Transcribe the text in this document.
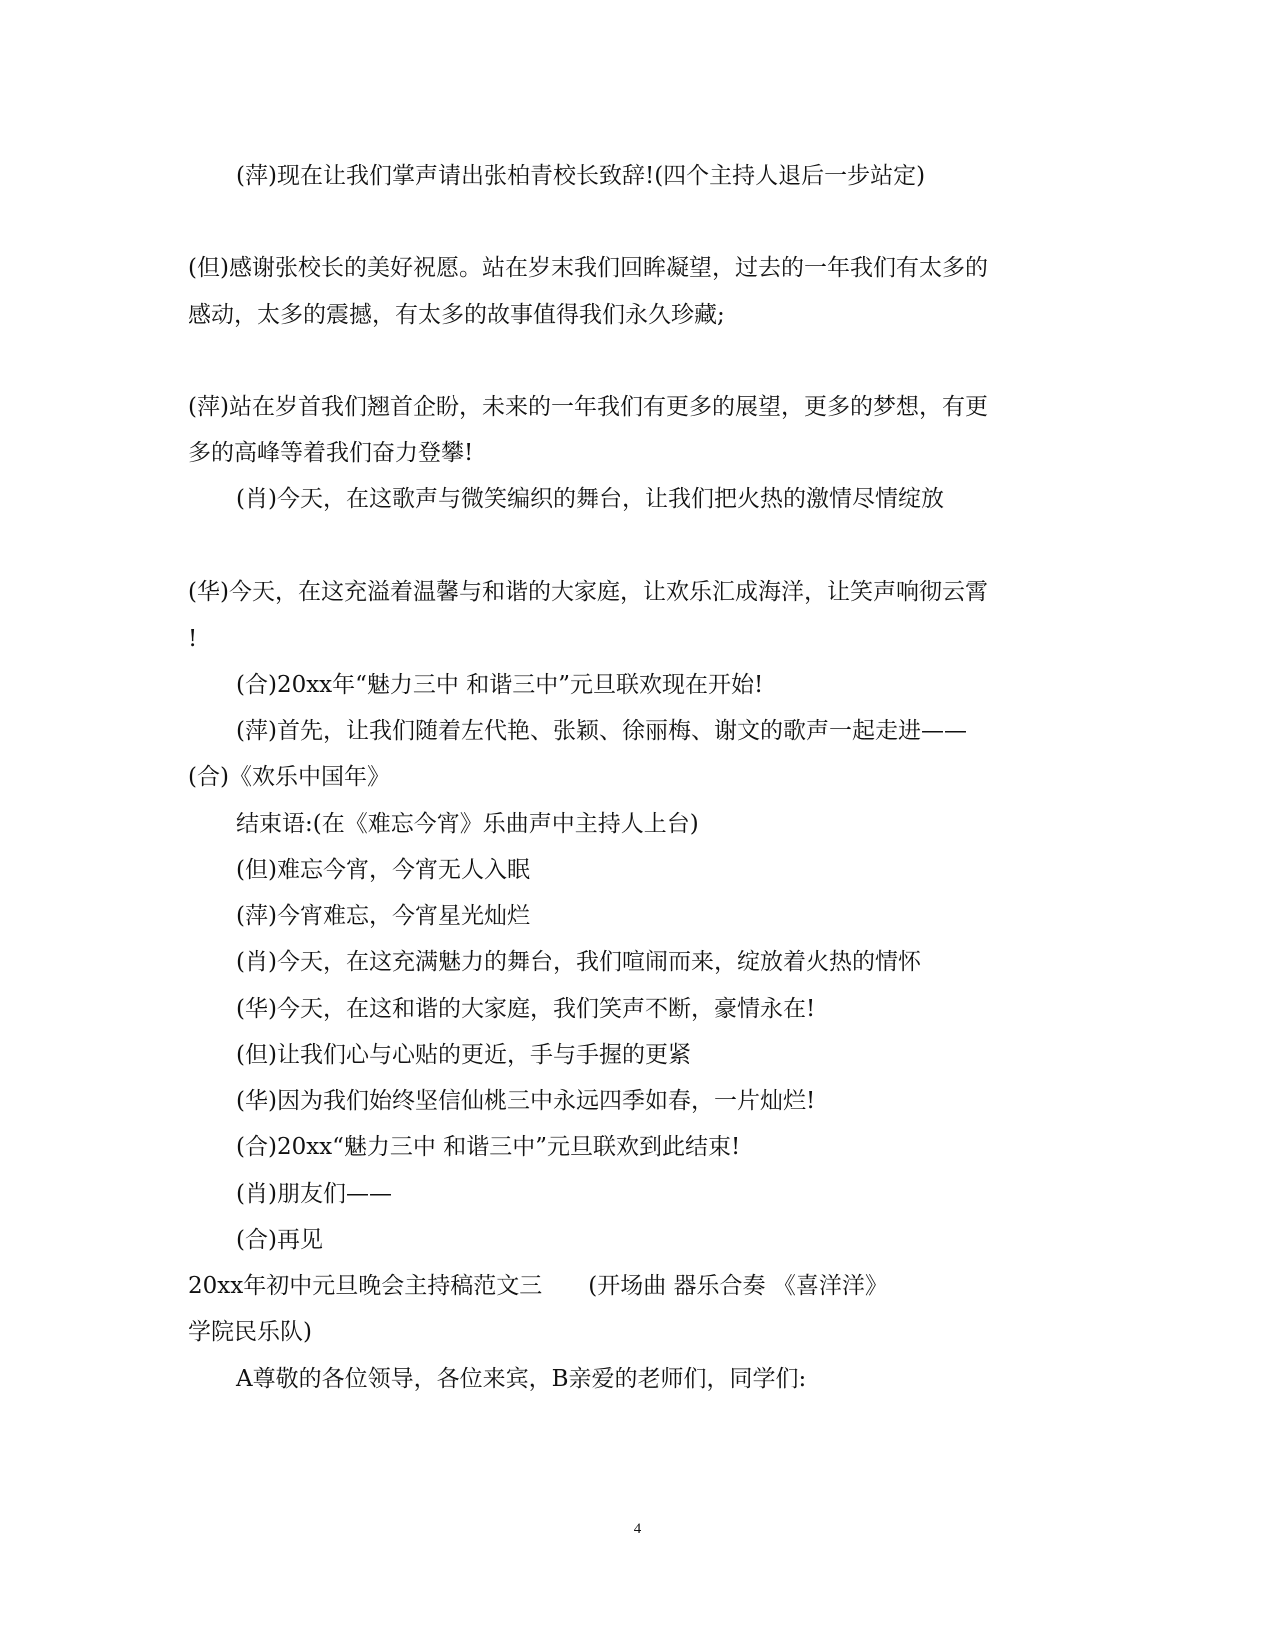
(萍)现在让我们掌声请出张柏青校长致辞!(四个主持人退后一步站定)
(但)感谢张校长的美好祝愿。站在岁末我们回眸凝望，过去的一年我们有太多的
感动，太多的震撼，有太多的故事值得我们永久珍藏;
(萍)站在岁首我们翘首企盼，未来的一年我们有更多的展望，更多的梦想，有更
多的高峰等着我们奋力登攀!
(肖)今天，在这歌声与微笑编织的舞台，让我们把火热的激情尽情绽放
(华)今天，在这充溢着温馨与和谐的大家庭，让欢乐汇成海洋，让笑声响彻云霄
!
(合)20xx年“魅力三中 和谐三中”元旦联欢现在开始!
(萍)首先，让我们随着左代艳、张颖、徐丽梅、谢文的歌声一起走进——
(合)《欢乐中国年》
结束语:(在《难忘今宵》乐曲声中主持人上台)
(但)难忘今宵，今宵无人入眠
(萍)今宵难忘，今宵星光灿烂
(肖)今天，在这充满魅力的舞台，我们喧闹而来，绽放着火热的情怀
(华)今天，在这和谐的大家庭，我们笑声不断，豪情永在!
(但)让我们心与心贴的更近，手与手握的更紧
(华)因为我们始终坚信仙桃三中永远四季如春，一片灿烂!
(合)20xx“魅力三中 和谐三中”元旦联欢到此结束!
(肖)朋友们——
(合)再见
20xx年初中元旦晚会主持稿范文三 (开场曲 器乐合奏 《喜洋洋》
学院民乐队)
A尊敬的各位领导，各位来宾，B亲爱的老师们，同学们:
4
